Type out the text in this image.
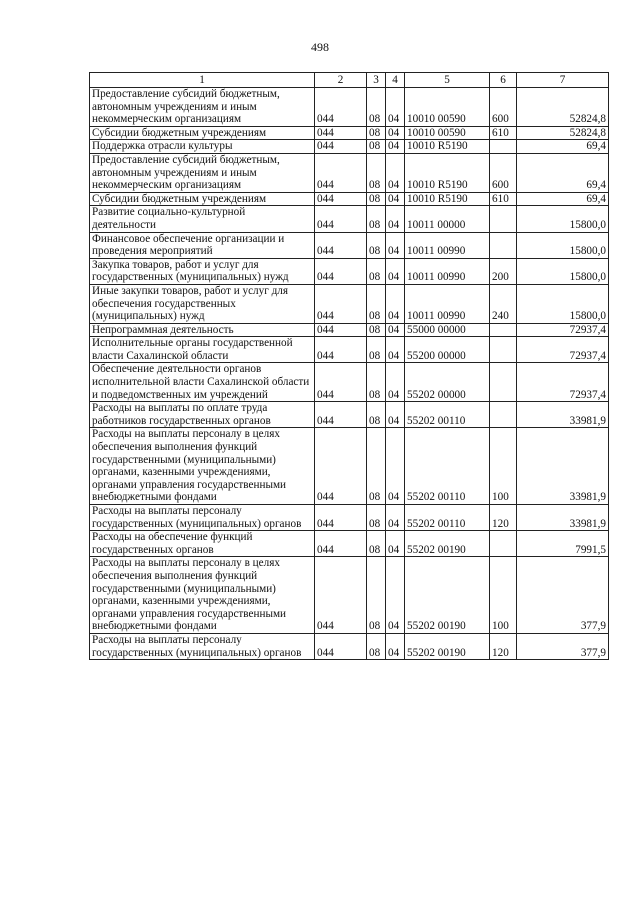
498
1	2	3	4	5	6	7
Предоставление субсидий бюджетным, автономным учреждениям и иным некоммерческим организациям	044	08	04	10010 00590	600	52824,8
Субсидии бюджетным учреждениям	044	08	04	10010 00590	610	52824,8
Поддержка отрасли культуры	044	08	04	10010 R5190		69,4
Предоставление субсидий бюджетным, автономным учреждениям и иным некоммерческим организациям	044	08	04	10010 R5190	600	69,4
Субсидии бюджетным учреждениям	044	08	04	10010 R5190	610	69,4
Развитие социально-культурной деятельности	044	08	04	10011 00000		15800,0
Финансовое обеспечение организации и проведения мероприятий	044	08	04	10011 00990		15800,0
Закупка товаров, работ и услуг для государственных (муниципальных) нужд	044	08	04	10011 00990	200	15800,0
Иные закупки товаров, работ и услуг для обеспечения государственных (муниципальных) нужд	044	08	04	10011 00990	240	15800,0
Непрограммная деятельность	044	08	04	55000 00000		72937,4
Исполнительные органы государственной власти Сахалинской области	044	08	04	55200 00000		72937,4
Обеспечение деятельности органов исполнительной власти Сахалинской области и подведомственных им учреждений	044	08	04	55202 00000		72937,4
Расходы на выплаты по оплате труда работников государственных органов	044	08	04	55202 00110		33981,9
Расходы на выплаты персоналу в целях обеспечения выполнения функций государственными (муниципальными) органами, казенными учреждениями, органами управления государственными внебюджетными фондами	044	08	04	55202 00110	100	33981,9
Расходы на выплаты персоналу государственных (муниципальных) органов	044	08	04	55202 00110	120	33981,9
Расходы на обеспечение функций государственных органов	044	08	04	55202 00190		7991,5
Расходы на выплаты персоналу в целях обеспечения выполнения функций государственными (муниципальными) органами, казенными учреждениями, органами управления государственными внебюджетными фондами	044	08	04	55202 00190	100	377,9
Расходы на выплаты персоналу государственных (муниципальных) органов	044	08	04	55202 00190	120	377,9
